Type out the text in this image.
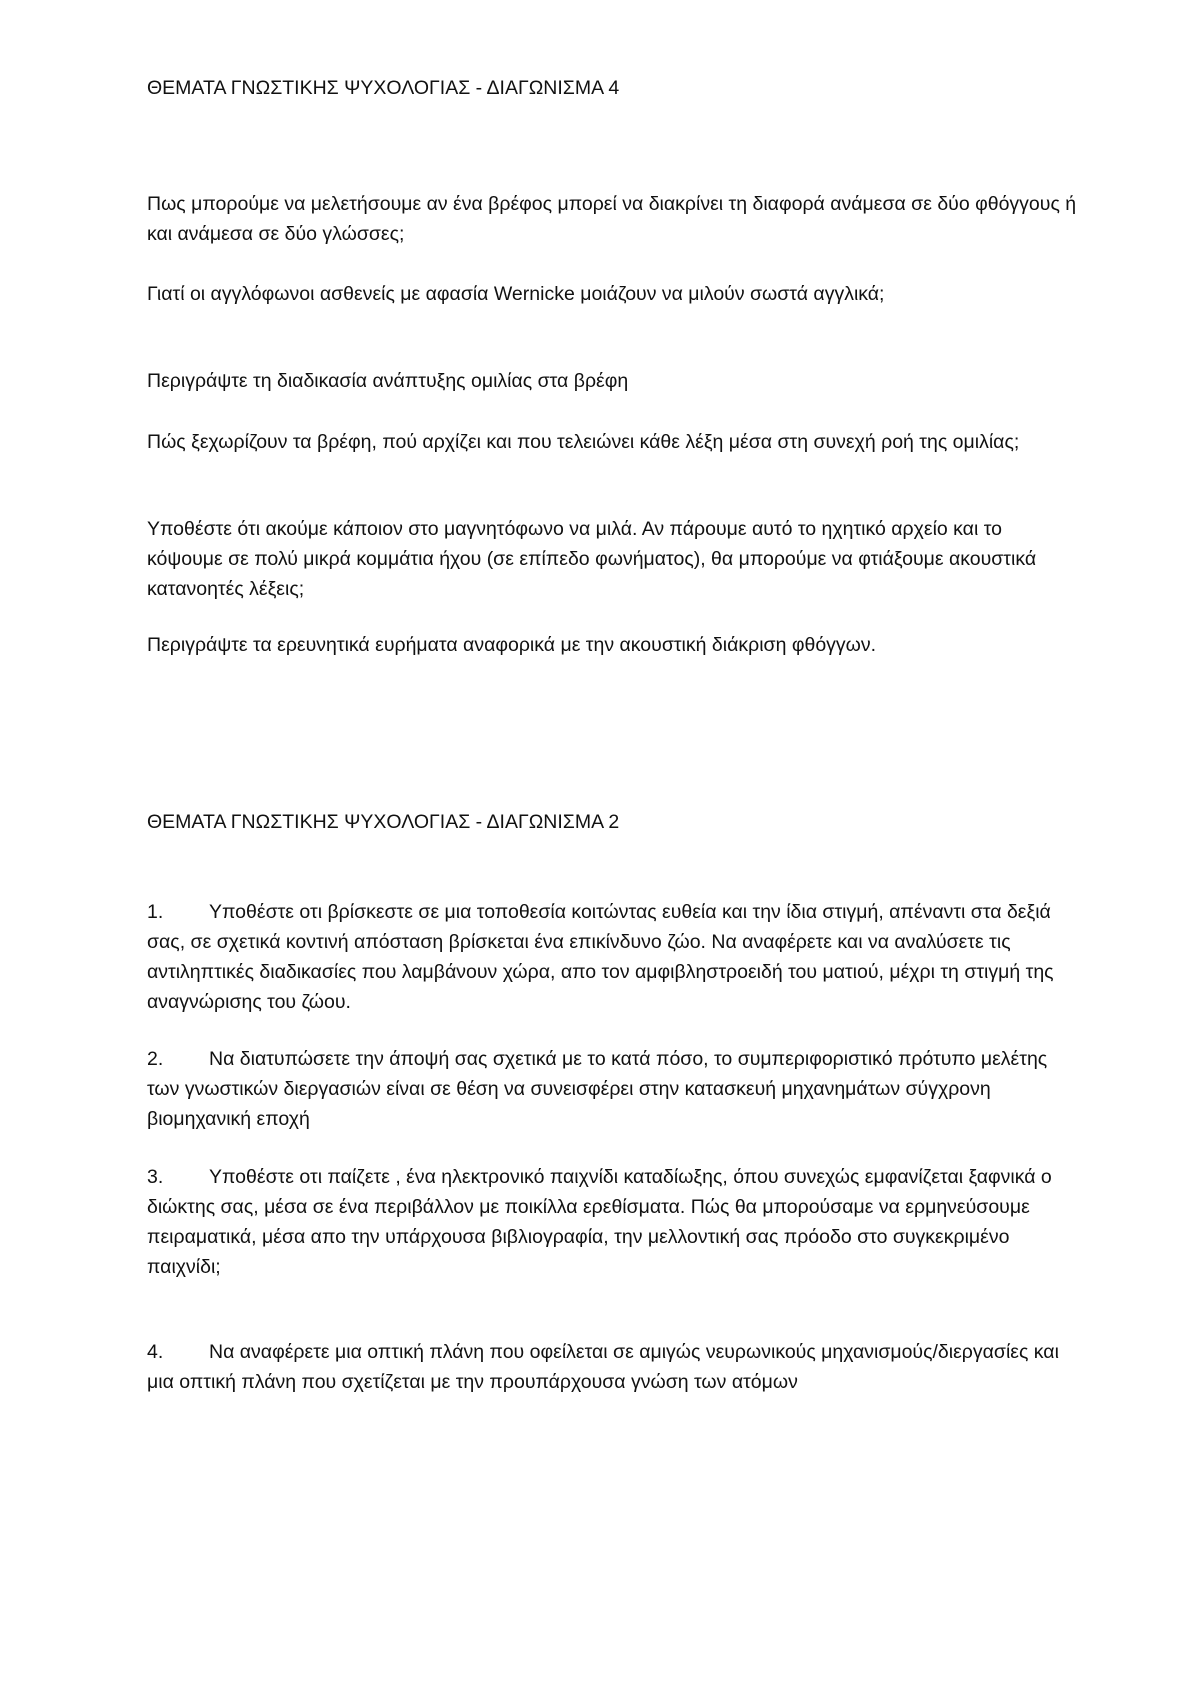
ΘΕΜΑΤΑ ΓΝΩΣΤΙΚΗΣ ΨΥΧΟΛΟΓΙΑΣ - ΔΙΑΓΩΝΙΣΜΑ 4
Πως μπορούμε να μελετήσουμε αν ένα βρέφος μπορεί να διακρίνει τη διαφορά ανάμεσα σε δύο φθόγγους ή και ανάμεσα σε δύο γλώσσες;
Γιατί οι αγγλόφωνοι ασθενείς με αφασία Wernicke μοιάζουν να μιλούν σωστά αγγλικά;
Περιγράψτε τη διαδικασία ανάπτυξης ομιλίας στα βρέφη
Πώς ξεχωρίζουν τα βρέφη, πού αρχίζει και που τελειώνει κάθε λέξη μέσα στη συνεχή ροή της ομιλίας;
Υποθέστε ότι ακούμε κάποιον στο μαγνητόφωνο να μιλά. Αν πάρουμε αυτό το ηχητικό αρχείο και το κόψουμε σε πολύ μικρά κομμάτια ήχου (σε επίπεδο φωνήματος), θα μπορούμε να φτιάξουμε ακουστικά κατανοητές λέξεις;
Περιγράψτε τα ερευνητικά ευρήματα αναφορικά με την ακουστική διάκριση φθόγγων.
ΘΕΜΑΤΑ ΓΝΩΣΤΙΚΗΣ ΨΥΧΟΛΟΓΙΑΣ - ΔΙΑΓΩΝΙΣΜΑ 2
1. Υποθέστε οτι βρίσκεστε σε μια τοποθεσία κοιτώντας ευθεία και την ίδια στιγμή, απέναντι στα δεξιά σας, σε σχετικά κοντινή απόσταση βρίσκεται ένα επικίνδυνο ζώο. Να αναφέρετε και να αναλύσετε τις αντιληπτικές διαδικασίες που λαμβάνουν χώρα, απο τον αμφιβληστροειδή του ματιού, μέχρι τη στιγμή της αναγνώρισης του ζώου.
2. Να διατυπώσετε την άποψή σας σχετικά με το κατά πόσο, το συμπεριφοριστικό πρότυπο μελέτης των γνωστικών διεργασιών είναι σε θέση να συνεισφέρει στην κατασκευή μηχανημάτων σύγχρονη βιομηχανική εποχή
3. Υποθέστε οτι παίζετε , ένα ηλεκτρονικό παιχνίδι καταδίωξης, όπου συνεχώς εμφανίζεται ξαφνικά ο διώκτης σας, μέσα σε ένα περιβάλλον με ποικίλλα ερεθίσματα. Πώς θα μπορούσαμε να ερμηνεύσουμε πειραματικά, μέσα απο την υπάρχουσα βιβλιογραφία, την μελλοντική σας πρόοδο στο συγκεκριμένο παιχνίδι;
4. Να αναφέρετε μια οπτική πλάνη που οφείλεται σε αμιγώς νευρωνικούς μηχανισμούς/διεργασίες και μια οπτική πλάνη που σχετίζεται με την προυπάρχουσα γνώση των ατόμων
